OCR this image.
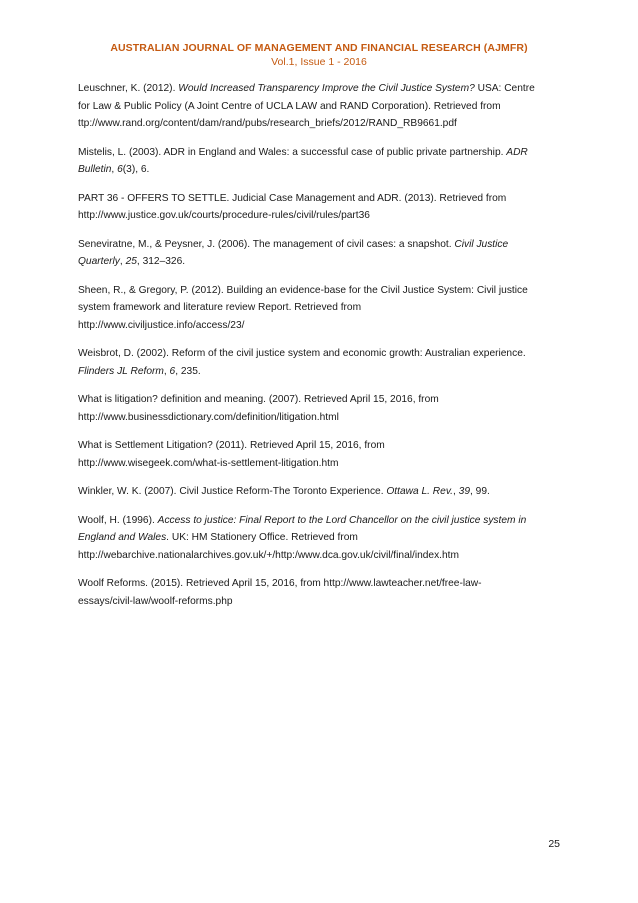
AUSTRALIAN JOURNAL OF MANAGEMENT AND FINANCIAL RESEARCH (AJMFR)
Vol.1, Issue 1 - 2016

Leuschner, K. (2012). Would Increased Transparency Improve the Civil Justice System? USA: Centre
for Law & Public Policy (A Joint Centre of UCLA LAW and RAND Corporation). Retrieved from
ttp://www.rand.org/content/dam/rand/pubs/research_briefs/2012/RAND_RB9661.pdf

Mistelis, L. (2003). ADR in England and Wales: a successful case of public private partnership. ADR
Bulletin, 6(3), 6.

PART 36 - OFFERS TO SETTLE. Judicial Case Management and ADR. (2013). Retrieved from
http://www.justice.gov.uk/courts/procedure-rules/civil/rules/part36

Seneviratne, M., & Peysner, J. (2006). The management of civil cases: a snapshot. Civil Justice
Quarterly, 25, 312–326.

Sheen, R., & Gregory, P. (2012). Building an evidence-base for the Civil Justice System: Civil justice
system framework and literature review Report. Retrieved from
http://www.civiljustice.info/access/23/

Weisbrot, D. (2002). Reform of the civil justice system and economic growth: Australian experience.
Flinders JL Reform, 6, 235.

What is litigation? definition and meaning. (2007). Retrieved April 15, 2016, from
http://www.businessdictionary.com/definition/litigation.html

What is Settlement Litigation? (2011). Retrieved April 15, 2016, from
http://www.wisegeek.com/what-is-settlement-litigation.htm

Winkler, W. K. (2007). Civil Justice Reform-The Toronto Experience. Ottawa L. Rev., 39, 99.

Woolf, H. (1996). Access to justice: Final Report to the Lord Chancellor on the civil justice system in
England and Wales. UK: HM Stationery Office. Retrieved from
http://webarchive.nationalarchives.gov.uk/+/http:/www.dca.gov.uk/civil/final/index.htm

Woolf Reforms. (2015). Retrieved April 15, 2016, from http://www.lawteacher.net/free-law-
essays/civil-law/woolf-reforms.php

25
